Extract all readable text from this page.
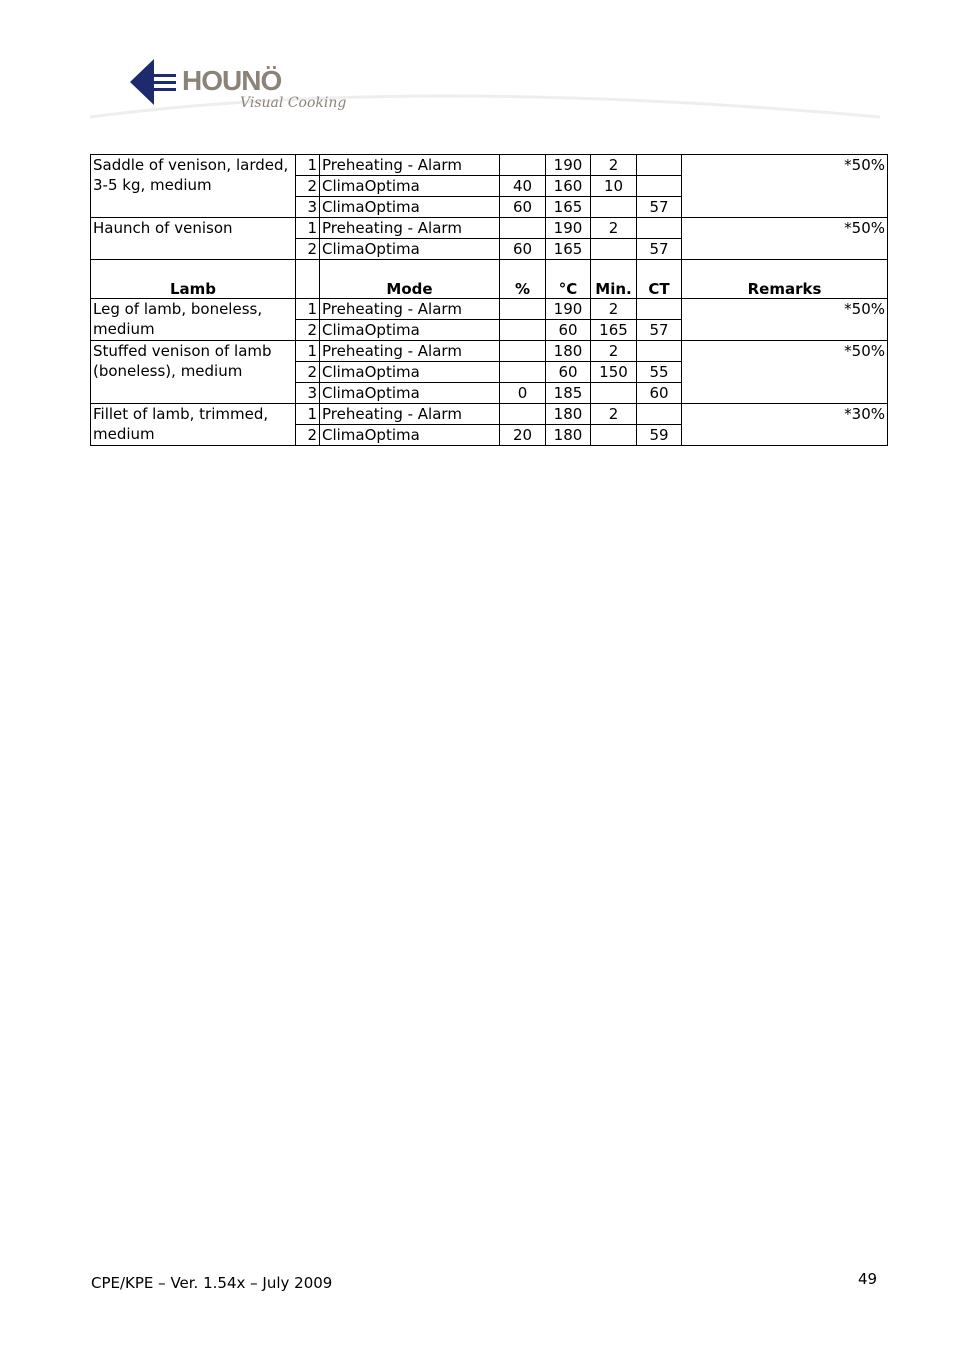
HOUNÖ
Visual Cooking
Saddle of venison, larded, 3-5 kg, medium	1	Preheating - Alarm		190	2		*50%
	2	ClimaOptima	40	160	10		
	3	ClimaOptima	60	165		57	
Haunch of venison	1	Preheating - Alarm		190	2		*50%
	2	ClimaOptima	60	165		57	
Lamb		Mode	%	°C	Min.	CT	Remarks
Leg of lamb, boneless, medium	1	Preheating - Alarm		190	2		*50%
	2	ClimaOptima		60	165	57	
Stuffed venison of lamb (boneless), medium	1	Preheating - Alarm		180	2		*50%
	2	ClimaOptima		60	150	55	
	3	ClimaOptima	0	185		60	
Fillet of lamb, trimmed, medium	1	Preheating - Alarm		180	2		*30%
	2	ClimaOptima	20	180		59	
CPE/KPE – Ver. 1.54x – July 2009	49
